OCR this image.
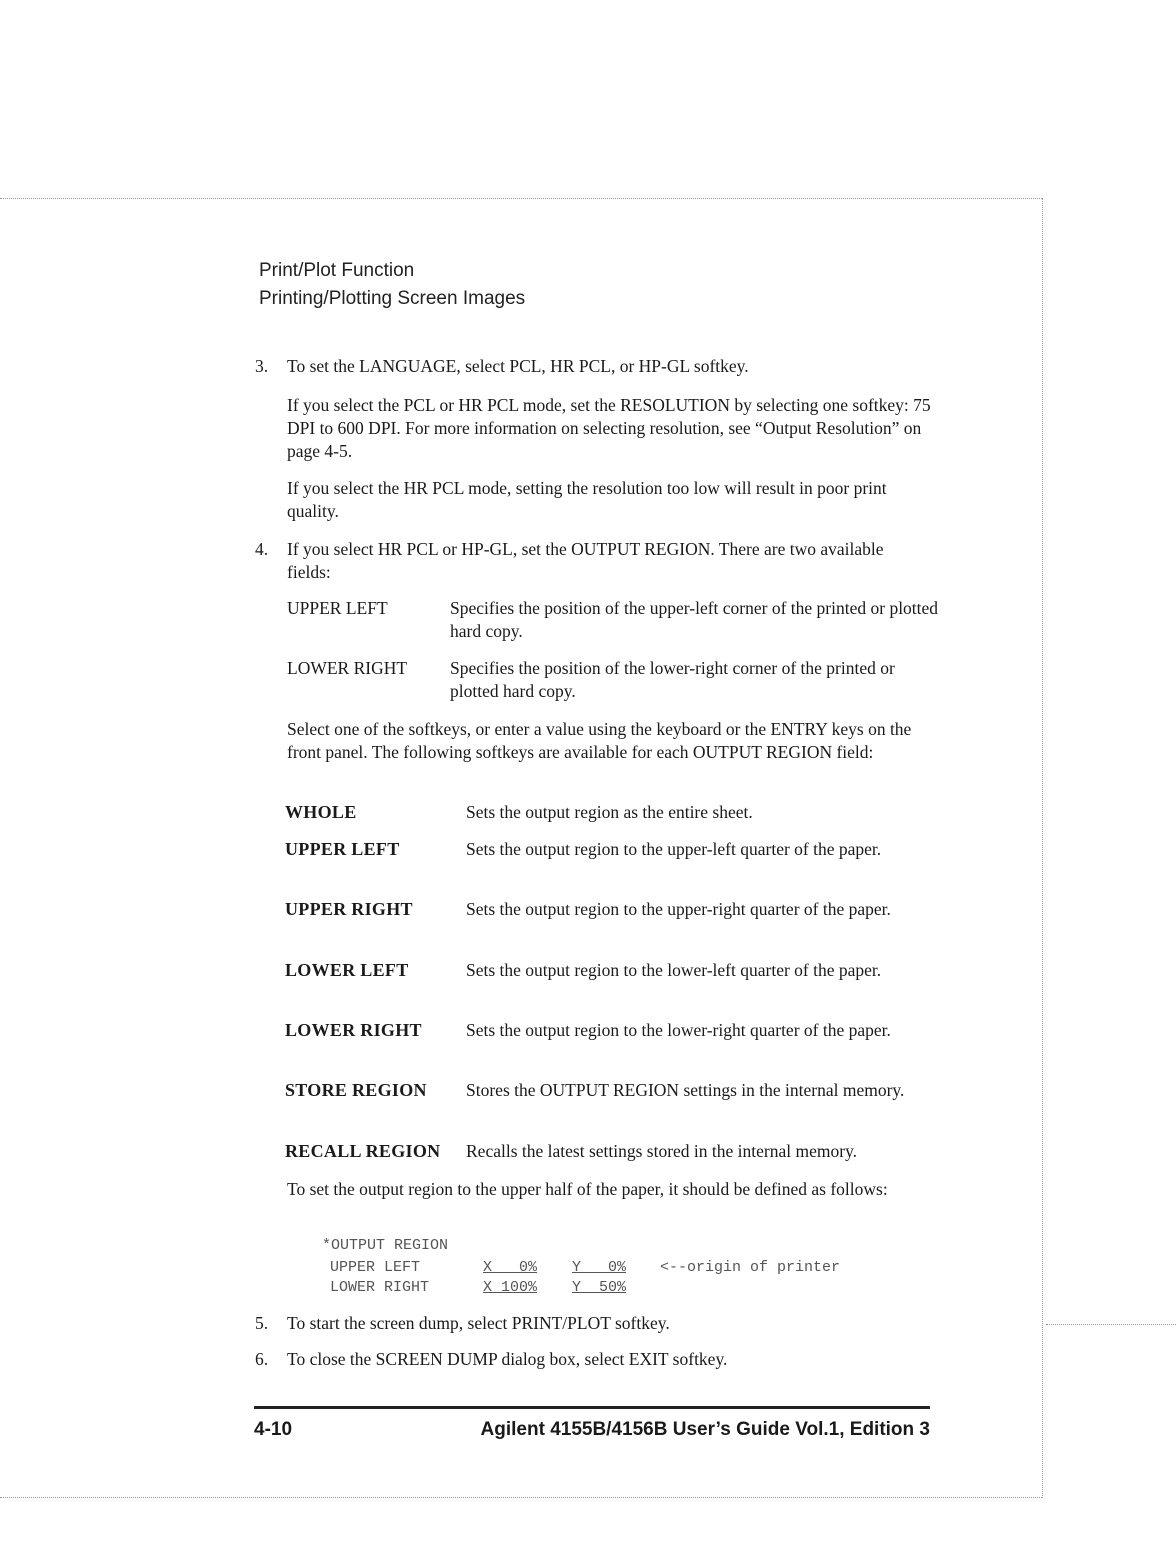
Print/Plot Function
Printing/Plotting Screen Images
3. To set the LANGUAGE, select PCL, HR PCL, or HP-GL softkey.
If you select the PCL or HR PCL mode, set the RESOLUTION by selecting one softkey: 75 DPI to 600 DPI. For more information on selecting resolution, see “Output Resolution” on page 4-5.
If you select the HR PCL mode, setting the resolution too low will result in poor print quality.
4. If you select HR PCL or HP-GL, set the OUTPUT REGION. There are two available fields:
UPPER LEFT	Specifies the position of the upper-left corner of the printed or plotted hard copy.
LOWER RIGHT Specifies the position of the lower-right corner of the printed or plotted hard copy.
Select one of the softkeys, or enter a value using the keyboard or the ENTRY keys on the front panel. The following softkeys are available for each OUTPUT REGION field:
WHOLE	Sets the output region as the entire sheet.
UPPER LEFT	Sets the output region to the upper-left quarter of the paper.
UPPER RIGHT	Sets the output region to the upper-right quarter of the paper.
LOWER LEFT	Sets the output region to the lower-left quarter of the paper.
LOWER RIGHT	Sets the output region to the lower-right quarter of the paper.
STORE REGION Stores the OUTPUT REGION settings in the internal memory.
RECALL REGION Recalls the latest settings stored in the internal memory.
To set the output region to the upper half of the paper, it should be defined as follows:
*OUTPUT REGION
UPPER LEFT	X   0% Y   0% <--origin of printer
LOWER RIGHT	X 100% Y  50%
5. To start the screen dump, select PRINT/PLOT softkey.
6. To close the SCREEN DUMP dialog box, select EXIT softkey.
4-10	Agilent 4155B/4156B User’s Guide Vol.1, Edition 3
